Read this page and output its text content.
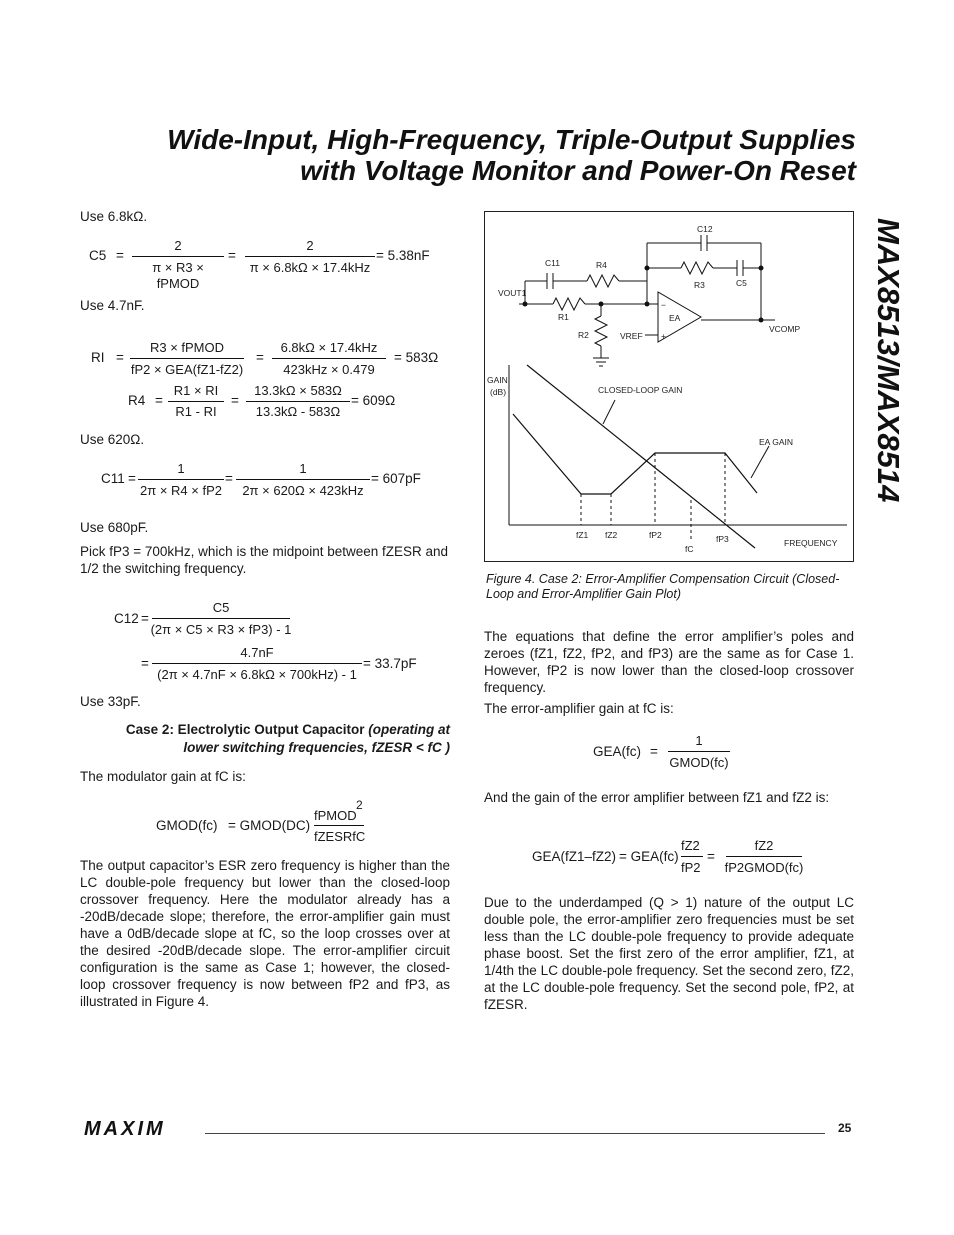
Wide-Input, High-Frequency, Triple-Output Supplies
with Voltage Monitor and Power-On Reset
MAX8513/MAX8514
Use 6.8kΩ.
C5 =
2
π × R3 × fPMOD
=
2
π × 6.8kΩ × 17.4kHz
= 5.38nF
Use 4.7nF.
RI =
R3 × fPMOD
fP2 × GEA(fZ1-fZ2)
=
6.8kΩ × 17.4kHz
423kHz × 0.479
= 583Ω
R4 =
R1 × RI
R1 - RI
=
13.3kΩ × 583Ω
13.3kΩ - 583Ω
= 609Ω
Use 620Ω.
C11 =
1
2π × R4 × fP2
=
1
2π × 620Ω × 423kHz
= 607pF
Use 680pF.
Pick fP3 = 700kHz, which is the midpoint between fZESR and 1/2 the switching frequency.
C12 =
C5
(2π × C5 × R3 × fP3) - 1
=
4.7nF
(2π × 4.7nF × 6.8kΩ × 700kHz) - 1
= 33.7pF
Use 33pF.
Case 2: Electrolytic Output Capacitor (operating at lower switching frequencies, fZESR < fC )
The modulator gain at fC is:
GMOD(fc) = GMOD(DC)
fPMOD
fZESRfC
2
The output capacitor’s ESR zero frequency is higher than the LC double-pole frequency but lower than the closed-loop crossover frequency. Here the modulator already has a -20dB/decade slope; therefore, the error-amplifier gain must have a 0dB/decade slope at fC, so the loop crosses over at the desired -20dB/decade slope. The error-amplifier circuit configuration is the same as Case 1; however, the closed-loop crossover frequency is now between fP2 and fP3, as illustrated in Figure 4.
C12
C11	R4
R3	C5
VOUT1
R1
R2
EA
VREF
VCOMP
−
+
GAIN
(dB)	CLOSED-LOOP GAIN
EA GAIN
fZ1 fZ2	fP2	fP3
fC
FREQUENCY
Figure 4. Case 2: Error-Amplifier Compensation Circuit (Closed-Loop and Error-Amplifier Gain Plot)
The equations that define the error amplifier’s poles and zeroes (fZ1, fZ2, fP2, and fP3) are the same as for Case 1. However, fP2 is now lower than the closed-loop crossover frequency.
The error-amplifier gain at fC is:
GEA(fc) =
1
GMOD(fc)
And the gain of the error amplifier between fZ1 and fZ2 is:
GEA(fZ1–fZ2) = GEA(fc)
fZ2
fP2
=
fZ2
fP2GMOD(fc)
Due to the underdamped (Q > 1) nature of the output LC double pole, the error-amplifier zero frequencies must be set less than the LC double-pole frequency to provide adequate phase boost. Set the first zero of the error amplifier, fZ1, at 1/4th the LC double-pole frequency. Set the second zero, fZ2, at the LC double-pole frequency. Set the second pole, fP2, at fZESR.
MAXIM	25
